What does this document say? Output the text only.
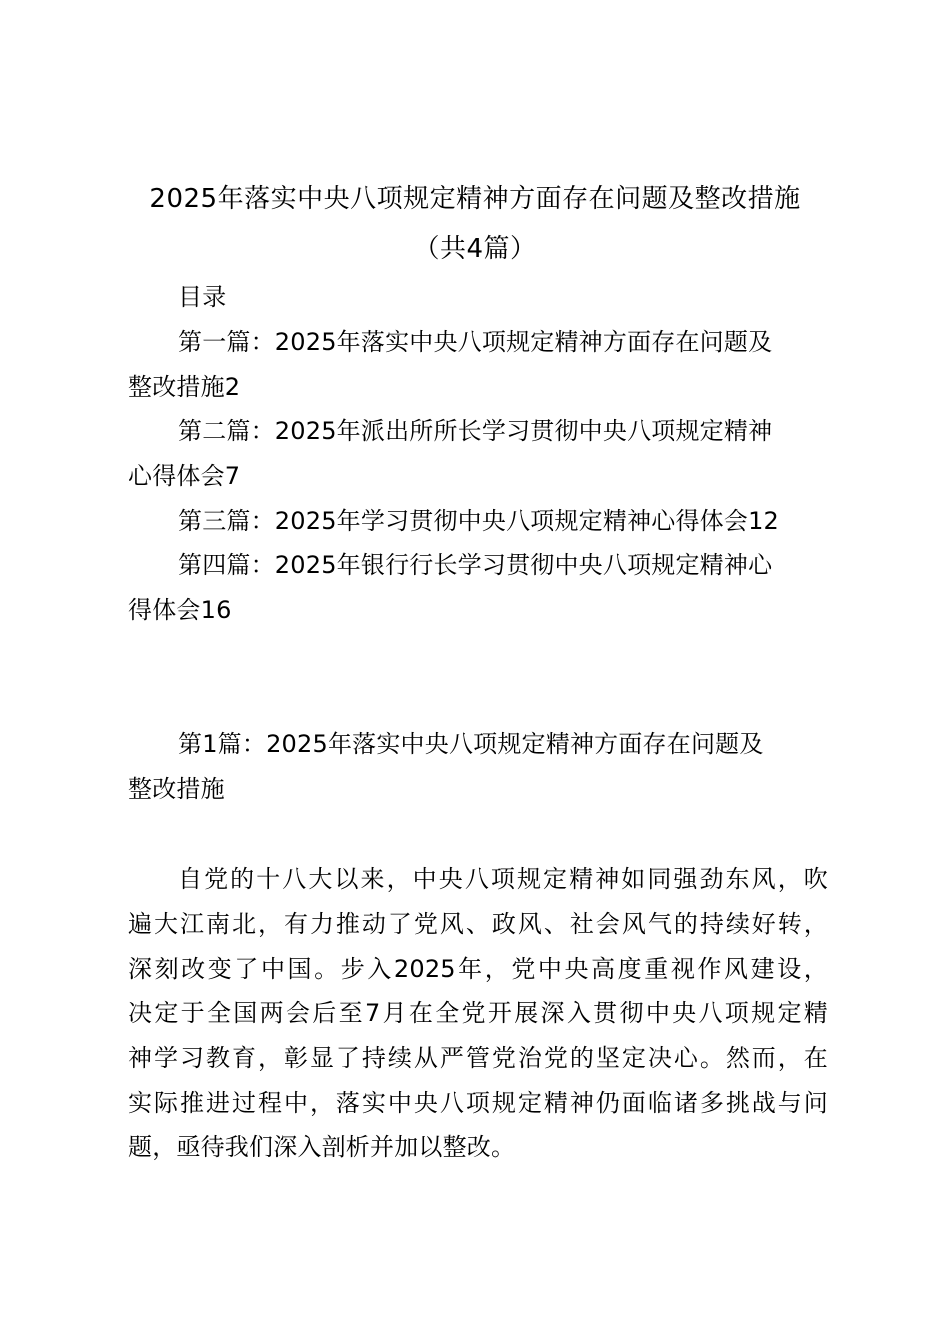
2025年落实中央八项规定精神方面存在问题及整改措施
（共4篇）
目录
第一篇：2025年落实中央八项规定精神方面存在问题及
整改措施2
第二篇：2025年派出所所长学习贯彻中央八项规定精神
心得体会7
第三篇：2025年学习贯彻中央八项规定精神心得体会12
第四篇：2025年银行行长学习贯彻中央八项规定精神心
得体会16
第1篇：2025年落实中央八项规定精神方面存在问题及
整改措施
自党的十八大以来，中央八项规定精神如同强劲东风，吹
遍大江南北，有力推动了党风、政风、社会风气的持续好转，
深刻改变了中国。步入2025年，党中央高度重视作风建设，
决定于全国两会后至7月在全党开展深入贯彻中央八项规定精
神学习教育，彰显了持续从严管党治党的坚定决心。然而，在
实际推进过程中，落实中央八项规定精神仍面临诸多挑战与问
题，亟待我们深入剖析并加以整改。
